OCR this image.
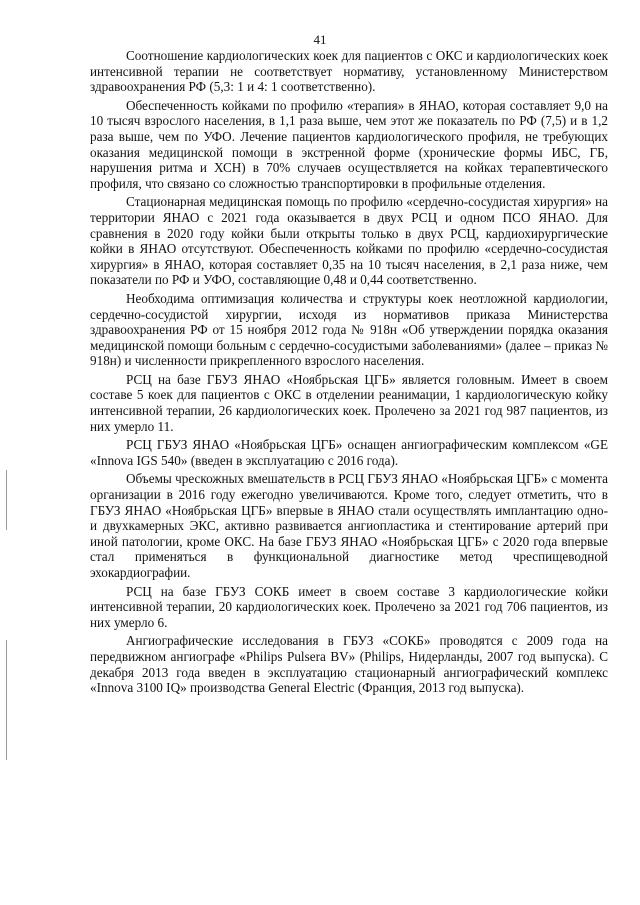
41

Соотношение кардиологических коек для пациентов с ОКС и кардиологических коек интенсивной терапии не соответствует нормативу, установленному Министерством здравоохранения РФ (5,3: 1 и 4: 1 соответственно).

Обеспеченность койками по профилю «терапия» в ЯНАО, которая составляет 9,0 на 10 тысяч взрослого населения, в 1,1 раза выше, чем этот же показатель по РФ (7,5) и в 1,2 раза выше, чем по УФО. Лечение пациентов кардиологического профиля, не требующих оказания медицинской помощи в экстренной форме (хронические формы ИБС, ГБ, нарушения ритма и ХСН) в 70% случаев осуществляется на койках терапевтического профиля, что связано со сложностью транспортировки в профильные отделения.

Стационарная медицинская помощь по профилю «сердечно-сосудистая хирургия» на территории ЯНАО с 2021 года оказывается в двух РСЦ и одном ПСО ЯНАО. Для сравнения в 2020 году койки были открыты только в двух РСЦ, кардиохирургические койки в ЯНАО отсутствуют. Обеспеченность койками по профилю «сердечно-сосудистая хирургия» в ЯНАО, которая составляет 0,35 на 10 тысяч населения, в 2,1 раза ниже, чем показатели по РФ и УФО, составляющие 0,48 и 0,44 соответственно.

Необходима оптимизация количества и структуры коек неотложной кардиологии, сердечно-сосудистой хирургии, исходя из нормативов приказа Министерства здравоохранения РФ от 15 ноября 2012 года № 918н «Об утверждении порядка оказания медицинской помощи больным с сердечно-сосудистыми заболеваниями» (далее – приказ № 918н) и численности прикрепленного взрослого населения.

РСЦ на базе ГБУЗ ЯНАО «Ноябрьская ЦГБ» является головным. Имеет в своем составе 5 коек для пациентов с ОКС в отделении реанимации, 1 кардиологическую койку интенсивной терапии, 26 кардиологических коек. Пролечено за 2021 год 987 пациентов, из них умерло 11.

РСЦ ГБУЗ ЯНАО «Ноябрьская ЦГБ» оснащен ангиографическим комплексом «GE «Innova IGS 540» (введен в эксплуатацию с 2016 года).

Объемы чрескожных вмешательств в РСЦ ГБУЗ ЯНАО «Ноябрьская ЦГБ» с момента организации в 2016 году ежегодно увеличиваются. Кроме того, следует отметить, что в ГБУЗ ЯНАО «Ноябрьская ЦГБ» впервые в ЯНАО стали осуществлять имплантацию одно- и двухкамерных ЭКС, активно развивается ангиопластика и стентирование артерий при иной патологии, кроме ОКС. На базе ГБУЗ ЯНАО «Ноябрьская ЦГБ» с 2020 года впервые стал применяться в функциональной диагностике метод чреспищеводной эхокардиографии.

РСЦ на базе ГБУЗ СОКБ имеет в своем составе 3 кардиологические койки интенсивной терапии, 20 кардиологических коек. Пролечено за 2021 год 706 пациентов, из них умерло 6.

Ангиографические исследования в ГБУЗ «СОКБ» проводятся с 2009 года на передвижном ангиографе «Philips Pulsera BV» (Philips, Нидерланды, 2007 год выпуска). С декабря 2013 года введен в эксплуатацию стационарный ангиографический комплекс «Innova 3100 IQ» производства General Electric (Франция, 2013 год выпуска).
